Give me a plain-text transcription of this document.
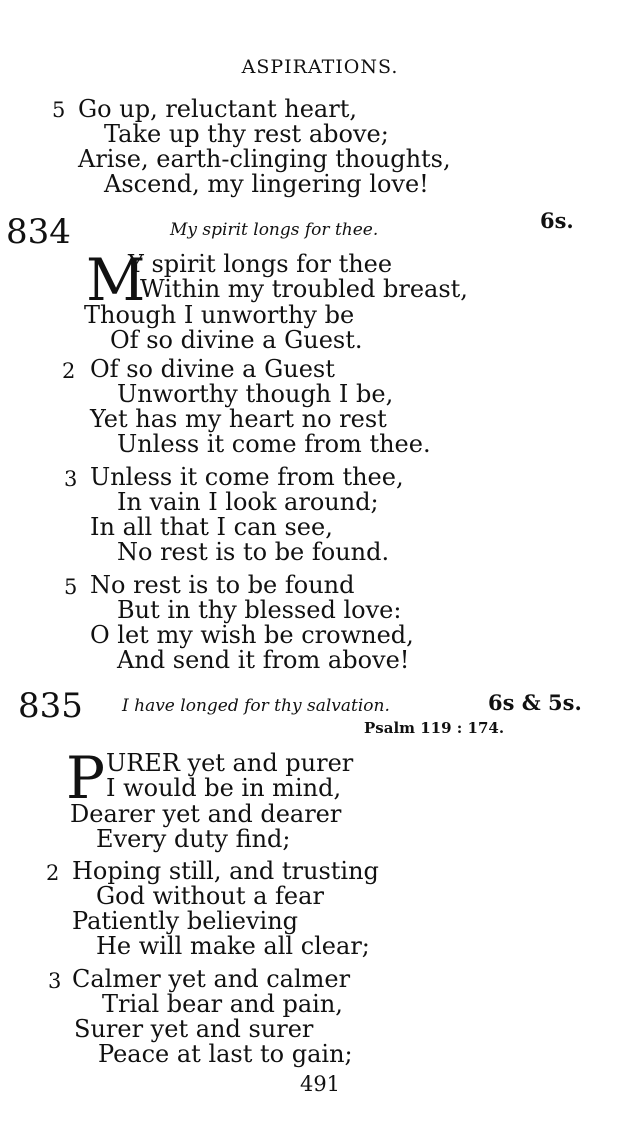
ASPIRATIONS.
5 Go up, reluctant heart,
Take up thy rest above;
Arise, earth-clinging thoughts,
Ascend, my lingering love!
834	My spirit longs for thee.	6s.
M
Y spirit longs for thee
Within my troubled breast,
Though I unworthy be
Of so divine a Guest.
2 Of so divine a Guest
Unworthy though I be,
Yet has my heart no rest
Unless it come from thee.
3 Unless it come from thee,
In vain I look around;
In all that I can see,
No rest is to be found.
5 No rest is to be found
But in thy blessed love:
O let my wish be crowned,
And send it from above!
835 I have longed for thy salvation.	6s & 5s.
Psalm 119 : 174.
P URER yet and purer
I would be in mind,
Dearer yet and dearer
Every duty find;
2 Hoping still, and trusting
God without a fear
Patiently believing
He will make all clear;
3 Calmer yet and calmer
Trial bear and pain,
Surer yet and surer
Peace at last to gain;
491
